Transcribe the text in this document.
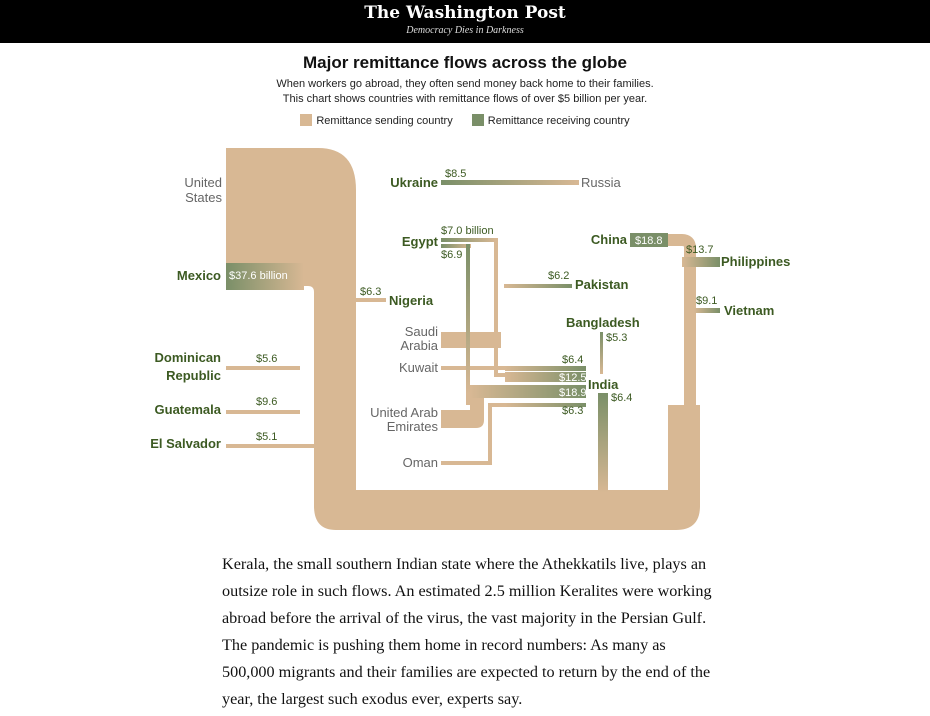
The Washington Post
Democracy Dies in Darkness
Major remittance flows across the globe
When workers go abroad, they often send money back home to their families.
This chart shows countries with remittance flows of over $5 billion per year.
Remittance sending country	Remittance receiving country
United
States
Russia
Saudi
Arabia
Kuwait
United Arab
Emirates
Oman
Mexico
Nigeria
Dominican
Republic
Guatemala
El Salvador
Ukraine
Egypt
Pakistan
India
China
Philippines
Vietnam
Bangladesh
$37.6 billion
$6.3
$5.6
$9.6
$5.1
$18.8
$13.7
$9.1
$6.4
$8.5
$7.0 billion
$6.2
$12.5
$6.4
$6.9
$18.9
$6.3
$5.3

Kerala, the small southern Indian state where the Athekkatils live, plays an outsize role in such flows. An estimated 2.5 million Keralites were working abroad before the arrival of the virus, the vast majority in the Persian Gulf. The pandemic is pushing them home in record numbers: As many as 500,000 migrants and their families are expected to return by the end of the year, the largest such exodus ever, experts say.
